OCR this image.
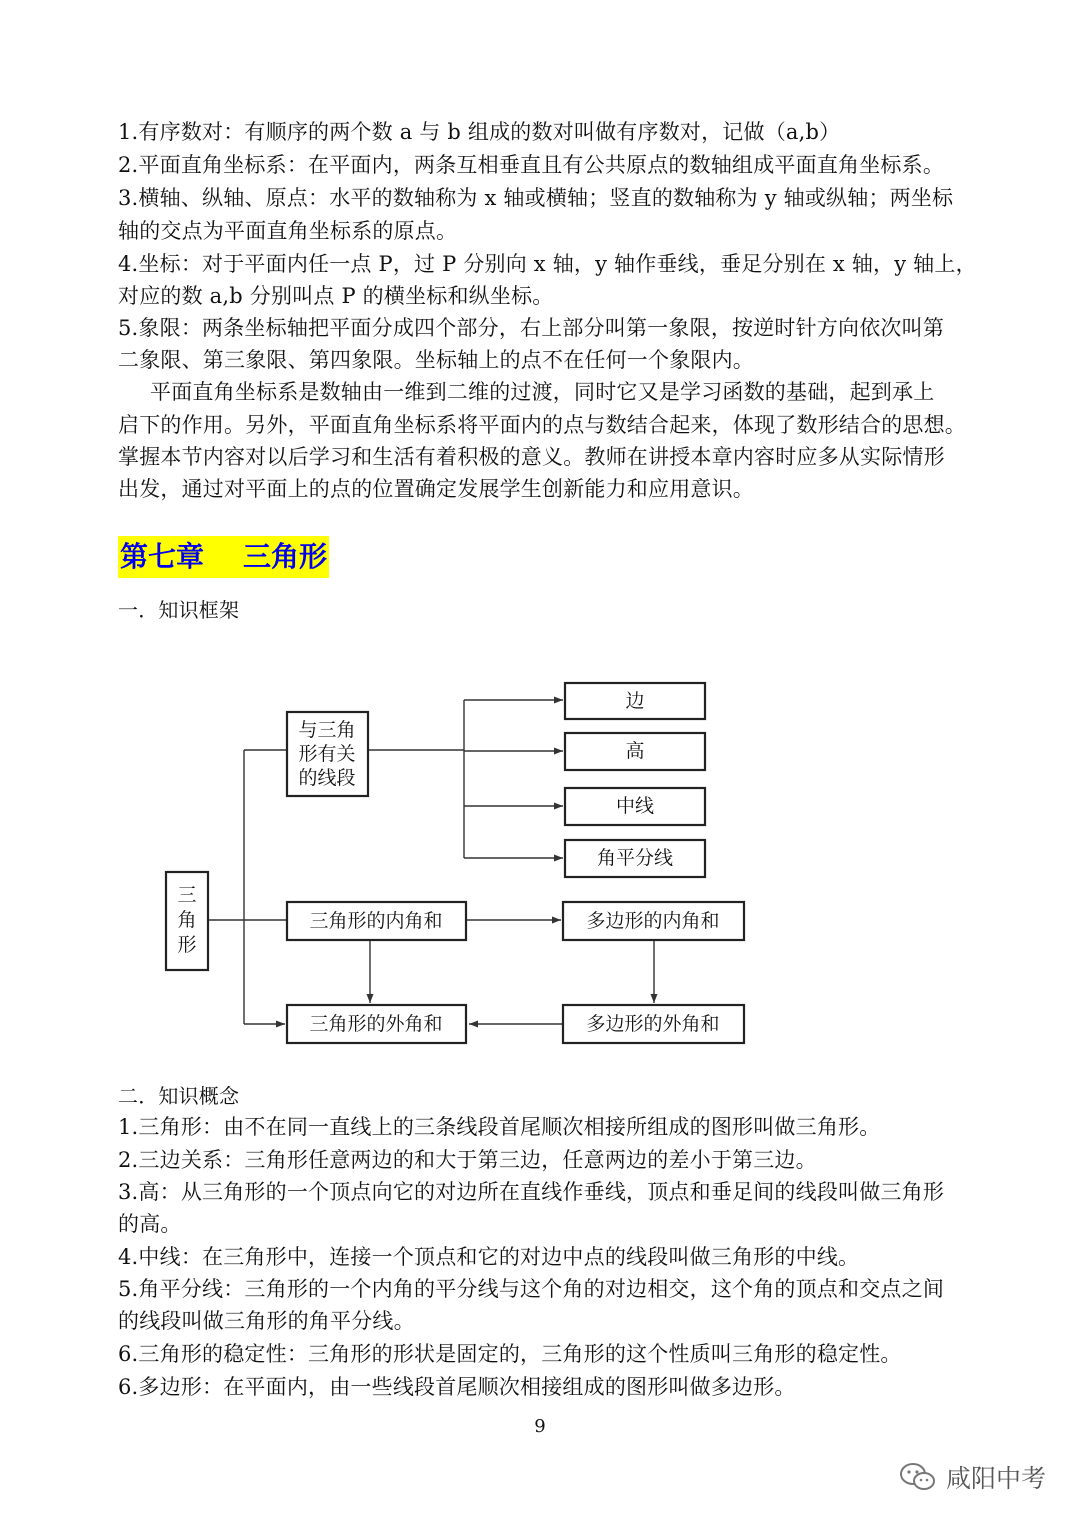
1.有序数对：有顺序的两个数 a 与 b 组成的数对叫做有序数对，记做（a,b）
2.平面直角坐标系：在平面内，两条互相垂直且有公共原点的数轴组成平面直角坐标系。
3.横轴、纵轴、原点：水平的数轴称为 x 轴或横轴；竖直的数轴称为 y 轴或纵轴；两坐标
轴的交点为平面直角坐标系的原点。
4.坐标：对于平面内任一点 P，过 P 分别向 x 轴，y 轴作垂线，垂足分别在 x 轴，y 轴上，
对应的数 a,b 分别叫点 P 的横坐标和纵坐标。
5.象限：两条坐标轴把平面分成四个部分，右上部分叫第一象限，按逆时针方向依次叫第
二象限、第三象限、第四象限。坐标轴上的点不在任何一个象限内。
平面直角坐标系是数轴由一维到二维的过渡，同时它又是学习函数的基础，起到承上
启下的作用。另外，平面直角坐标系将平面内的点与数结合起来，体现了数形结合的思想。
掌握本节内容对以后学习和生活有着积极的意义。教师在讲授本章内容时应多从实际情形
出发，通过对平面上的点的位置确定发展学生创新能力和应用意识。
第七章    三角形
一．知识框架
三
角
形
与三角
形有关
的线段
边
高
中线
角平分线
三角形的内角和	多边形的内角和
三角形的外角和	多边形的外角和
二．知识概念
1.三角形：由不在同一直线上的三条线段首尾顺次相接所组成的图形叫做三角形。
2.三边关系：三角形任意两边的和大于第三边，任意两边的差小于第三边。
3.高：从三角形的一个顶点向它的对边所在直线作垂线，顶点和垂足间的线段叫做三角形
的高。
4.中线：在三角形中，连接一个顶点和它的对边中点的线段叫做三角形的中线。
5.角平分线：三角形的一个内角的平分线与这个角的对边相交，这个角的顶点和交点之间
的线段叫做三角形的角平分线。
6.三角形的稳定性：三角形的形状是固定的，三角形的这个性质叫三角形的稳定性。
6.多边形：在平面内，由一些线段首尾顺次相接组成的图形叫做多边形。
9
咸阳中考
